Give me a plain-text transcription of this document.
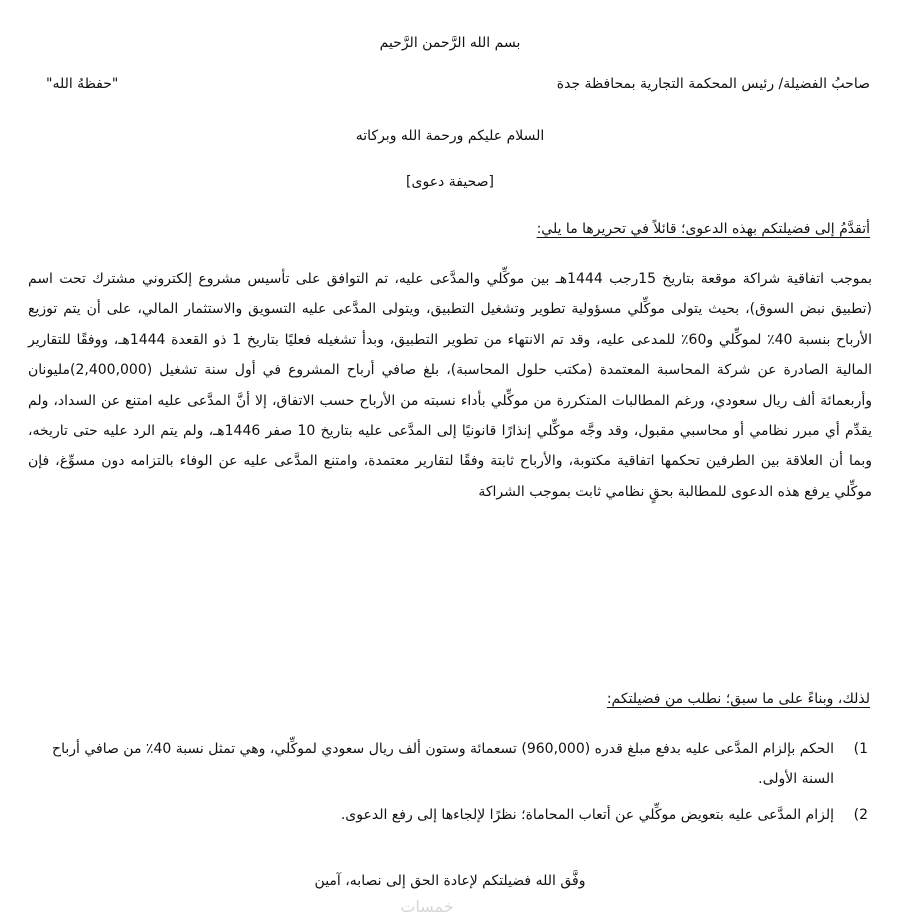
بسم الله الرَّحمن الرَّحيم
صاحبُ الفضيلة/ رئيس المحكمة التجارية بمحافظة جدة
"حفظهُ الله"
السلام عليكم ورحمة الله وبركاته
[صحيفة دعوى]
أتقدَّمُ إلى فضيلتكم بهذه الدعوى؛ قائلاً في تحريرها ما يلي:
بموجب اتفاقية شراكة موقعة بتاريخ 15رجب 1444هـ بين موكِّلي والمدَّعى عليه، تم التوافق على تأسيس مشروع إلكتروني مشترك تحت اسم (تطبيق نبض السوق)، بحيث يتولى موكِّلي مسؤولية تطوير وتشغيل التطبيق، ويتولى المدَّعى عليه التسويق والاستثمار المالي، على أن يتم توزيع الأرباح بنسبة 40٪ لموكِّلي و60٪ للمدعى عليه، وقد تم الانتهاء من تطوير التطبيق، وبدأ تشغيله فعليًا بتاريخ 1 ذو القعدة 1444هـ، ووفقًا للتقارير المالية الصادرة عن شركة المحاسبة المعتمدة (مكتب حلول المحاسبة)، بلغ صافي أرباح المشروع في أول سنة تشغيل (2,400,000)مليونان وأربعمائة ألف ريال سعودي، ورغم المطالبات المتكررة من موكِّلي بأداء نسبته من الأرباح حسب الاتفاق، إلا أنَّ المدَّعى عليه امتنع عن السداد، ولم يقدِّم أي مبرر نظامي أو محاسبي مقبول، وقد وجَّه موكِّلي إنذارًا قانونيًا إلى المدَّعى عليه بتاريخ 10 صفر 1446هـ، ولم يتم الرد عليه حتى تاريخه، وبما أن العلاقة بين الطرفين تحكمها اتفاقية مكتوبة، والأرباح ثابتة وفقًا لتقارير معتمدة، وامتنع المدَّعى عليه عن الوفاء بالتزامه دون مسوِّغ، فإن موكِّلي يرفع هذه الدعوى للمطالبة بحقٍ نظامي ثابت بموجب الشراكة
لذلك، وبناءً على ما سبق؛ نطلب من فضيلتكم:
1)
الحكم بإلزام المدَّعى عليه بدفع مبلغ قدره (960,000) تسعمائة وستون ألف ريال سعودي لموكِّلي، وهي تمثل نسبة 40٪ من صافي أرباح السنة الأولى.
2)
إلزام المدَّعى عليه بتعويض موكِّلي عن أتعاب المحاماة؛ نظرًا لإلجاءها إلى رفع الدعوى.
وفَّق الله فضيلتكم لإعادة الحق إلى نصابه، آمين
خمسات
